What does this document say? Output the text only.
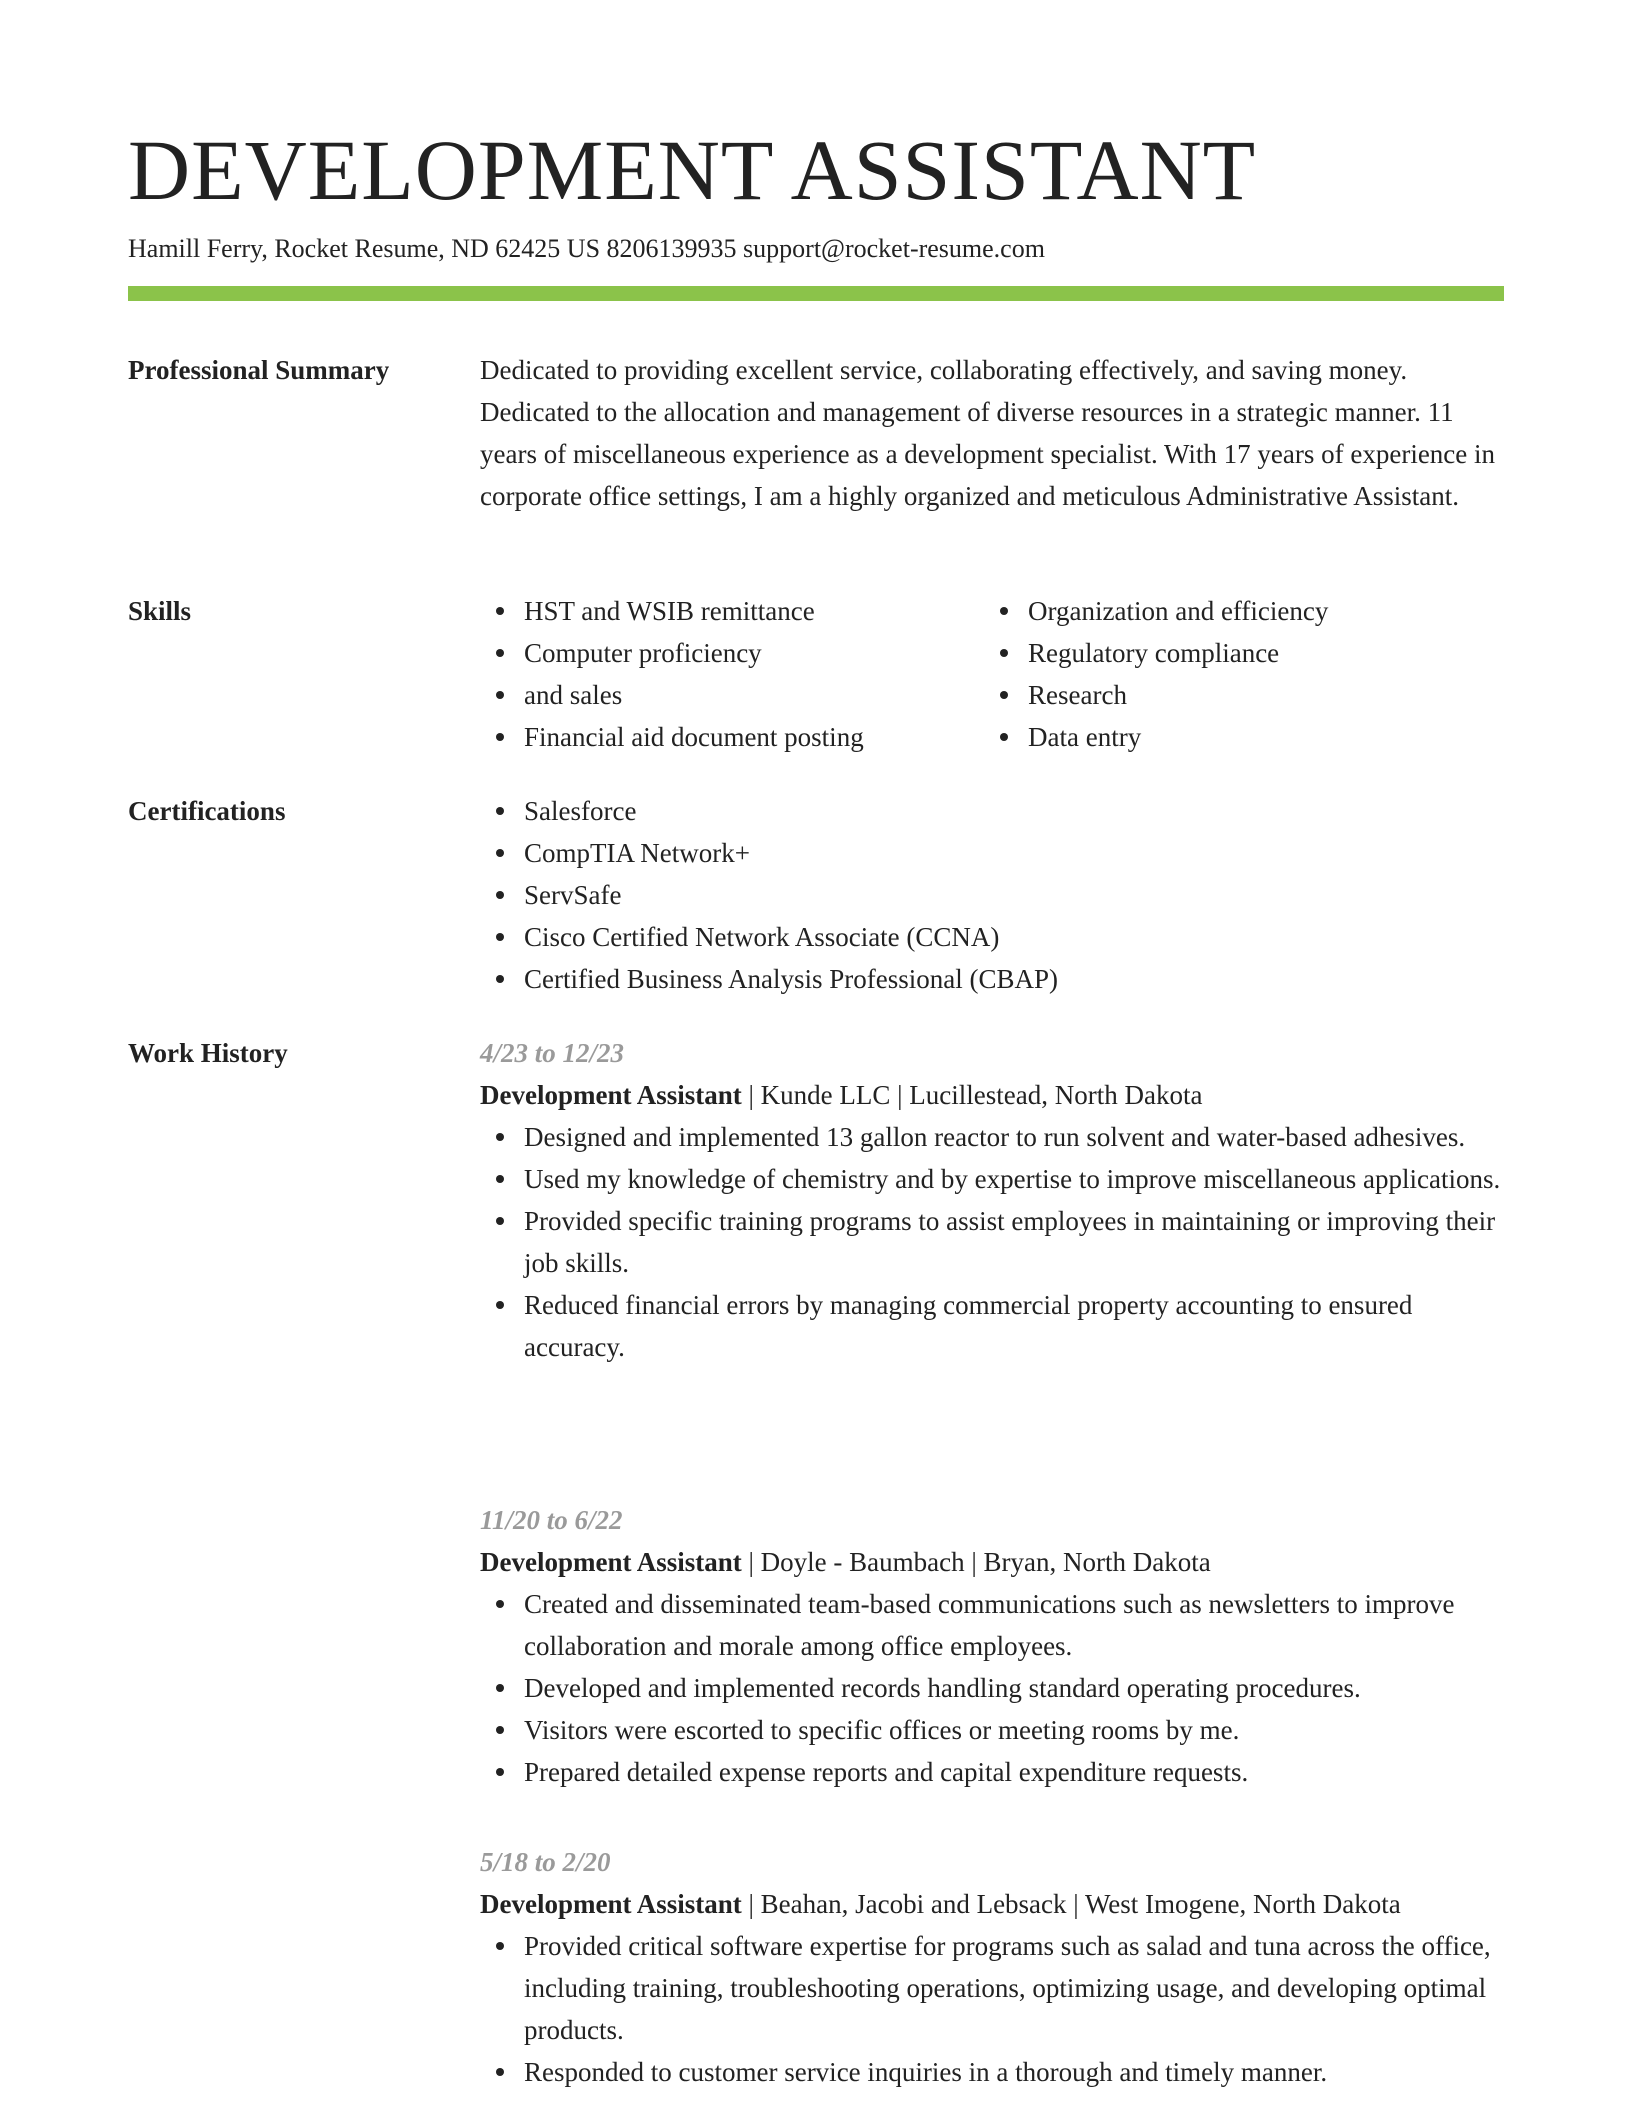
DEVELOPMENT ASSISTANT
Hamill Ferry, Rocket Resume, ND 62425 US 8206139935 support@rocket-resume.com
Professional Summary	Dedicated to providing excellent service, collaborating effectively, and saving money. Dedicated to the allocation and management of diverse resources in a strategic manner. 11 years of miscellaneous experience as a development specialist. With 17 years of experience in corporate office settings, I am a highly organized and meticulous Administrative Assistant.

Skills	HST and WSIB remittance
Computer proficiency
and sales
Financial aid document posting
Organization and efficiency
Regulatory compliance
Research
Data entry
Certifications	Salesforce
CompTIA Network+
ServSafe
Cisco Certified Network Associate (CCNA)
Certified Business Analysis Professional (CBAP)
Work History	4/23 to 12/23
Development Assistant | Kunde LLC | Lucillestead, North Dakota
Designed and implemented 13 gallon reactor to run solvent and water-based adhesives.
Used my knowledge of chemistry and by expertise to improve miscellaneous applications.
Provided specific training programs to assist employees in maintaining or improving their job skills.
Reduced financial errors by managing commercial property accounting to ensured accuracy.
11/20 to 6/22
Development Assistant | Doyle - Baumbach | Bryan, North Dakota
Created and disseminated team-based communications such as newsletters to improve collaboration and morale among office employees.
Developed and implemented records handling standard operating procedures.
Visitors were escorted to specific offices or meeting rooms by me.
Prepared detailed expense reports and capital expenditure requests.
5/18 to 2/20
Development Assistant | Beahan, Jacobi and Lebsack | West Imogene, North Dakota
Provided critical software expertise for programs such as salad and tuna across the office, including training, troubleshooting operations, optimizing usage, and developing optimal products.
Responded to customer service inquiries in a thorough and timely manner.
